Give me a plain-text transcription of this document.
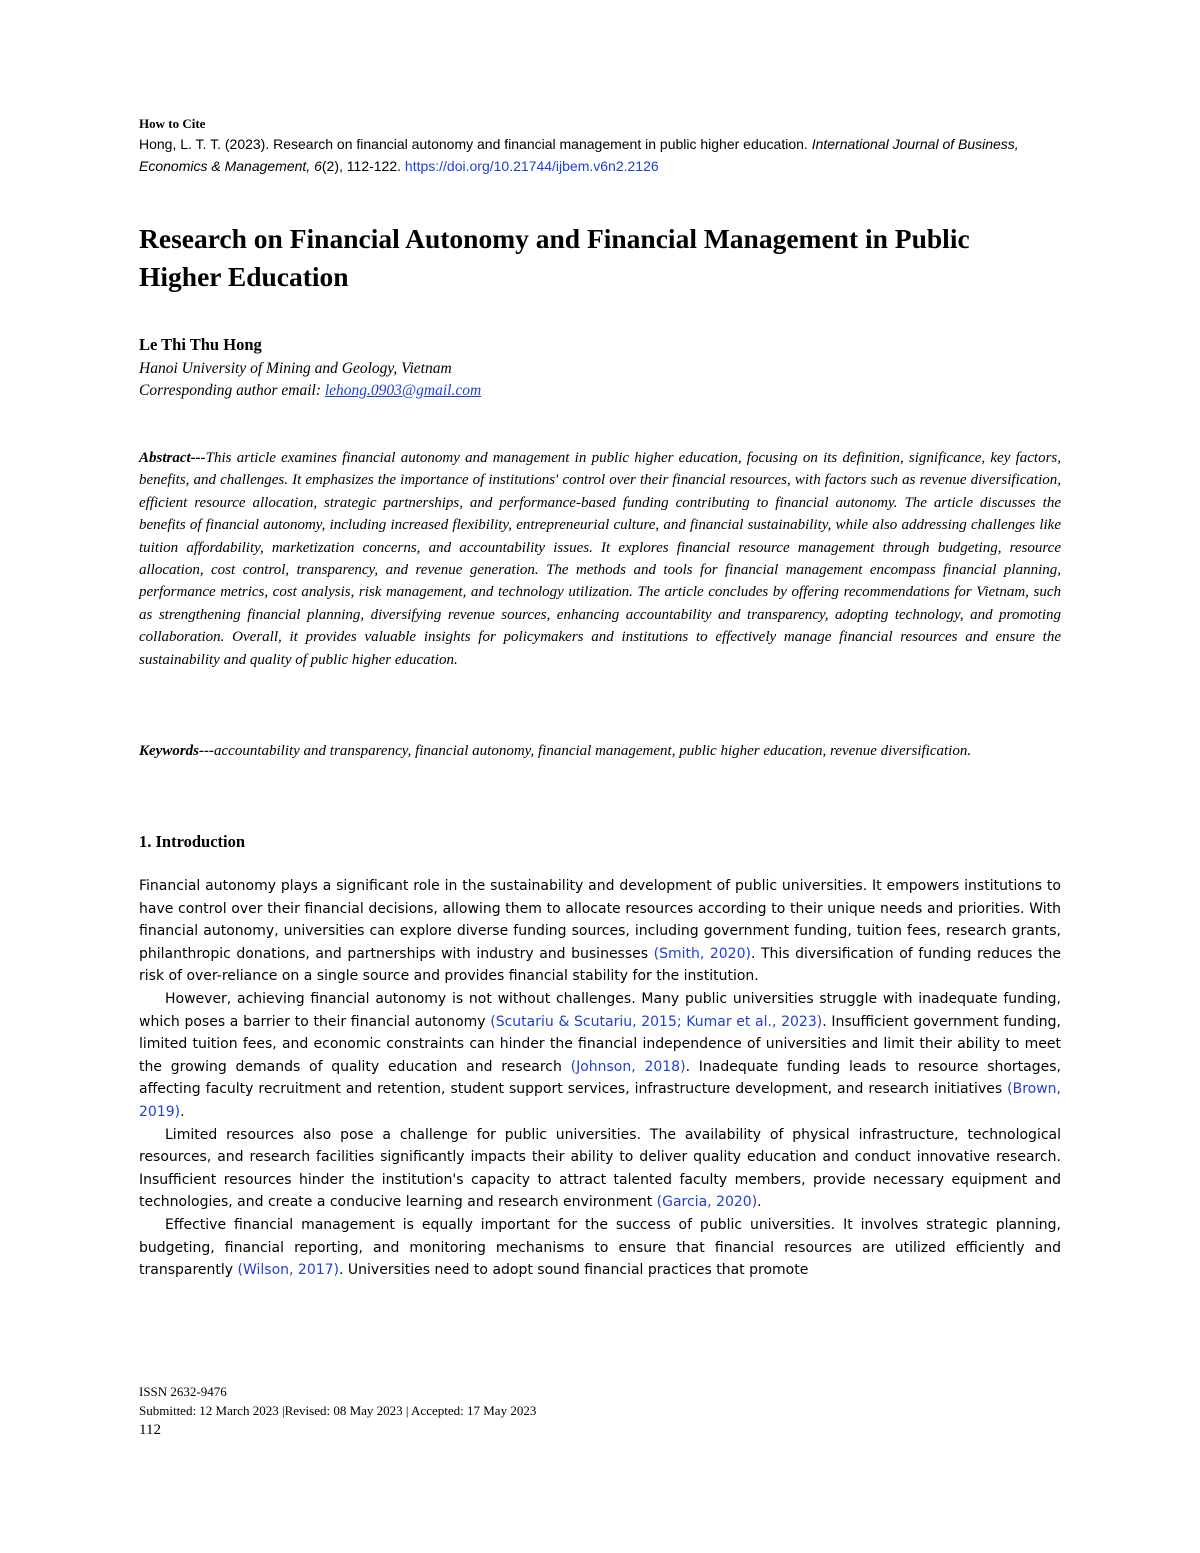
How to Cite
Hong, L. T. T. (2023). Research on financial autonomy and financial management in public higher education. International Journal of Business, Economics & Management, 6(2), 112-122. https://doi.org/10.21744/ijbem.v6n2.2126
Research on Financial Autonomy and Financial Management in Public Higher Education
Le Thi Thu Hong
Hanoi University of Mining and Geology, Vietnam
Corresponding author email: lehong.0903@gmail.com
Abstract---This article examines financial autonomy and management in public higher education, focusing on its definition, significance, key factors, benefits, and challenges. It emphasizes the importance of institutions' control over their financial resources, with factors such as revenue diversification, efficient resource allocation, strategic partnerships, and performance-based funding contributing to financial autonomy. The article discusses the benefits of financial autonomy, including increased flexibility, entrepreneurial culture, and financial sustainability, while also addressing challenges like tuition affordability, marketization concerns, and accountability issues. It explores financial resource management through budgeting, resource allocation, cost control, transparency, and revenue generation. The methods and tools for financial management encompass financial planning, performance metrics, cost analysis, risk management, and technology utilization. The article concludes by offering recommendations for Vietnam, such as strengthening financial planning, diversifying revenue sources, enhancing accountability and transparency, adopting technology, and promoting collaboration. Overall, it provides valuable insights for policymakers and institutions to effectively manage financial resources and ensure the sustainability and quality of public higher education.
Keywords---accountability and transparency, financial autonomy, financial management, public higher education, revenue diversification.
1. Introduction

Financial autonomy plays a significant role in the sustainability and development of public universities. It empowers institutions to have control over their financial decisions, allowing them to allocate resources according to their unique needs and priorities. With financial autonomy, universities can explore diverse funding sources, including government funding, tuition fees, research grants, philanthropic donations, and partnerships with industry and businesses (Smith, 2020). This diversification of funding reduces the risk of over-reliance on a single source and provides financial stability for the institution.

However, achieving financial autonomy is not without challenges. Many public universities struggle with inadequate funding, which poses a barrier to their financial autonomy (Scutariu & Scutariu, 2015; Kumar et al., 2023). Insufficient government funding, limited tuition fees, and economic constraints can hinder the financial independence of universities and limit their ability to meet the growing demands of quality education and research (Johnson, 2018). Inadequate funding leads to resource shortages, affecting faculty recruitment and retention, student support services, infrastructure development, and research initiatives (Brown, 2019).

Limited resources also pose a challenge for public universities. The availability of physical infrastructure, technological resources, and research facilities significantly impacts their ability to deliver quality education and conduct innovative research. Insufficient resources hinder the institution's capacity to attract talented faculty members, provide necessary equipment and technologies, and create a conducive learning and research environment (Garcia, 2020).

Effective financial management is equally important for the success of public universities. It involves strategic planning, budgeting, financial reporting, and monitoring mechanisms to ensure that financial resources are utilized efficiently and transparently (Wilson, 2017). Universities need to adopt sound financial practices that promote

ISSN 2632-9476
Submitted: 12 March 2023 |Revised: 08 May 2023 | Accepted: 17 May 2023
112
